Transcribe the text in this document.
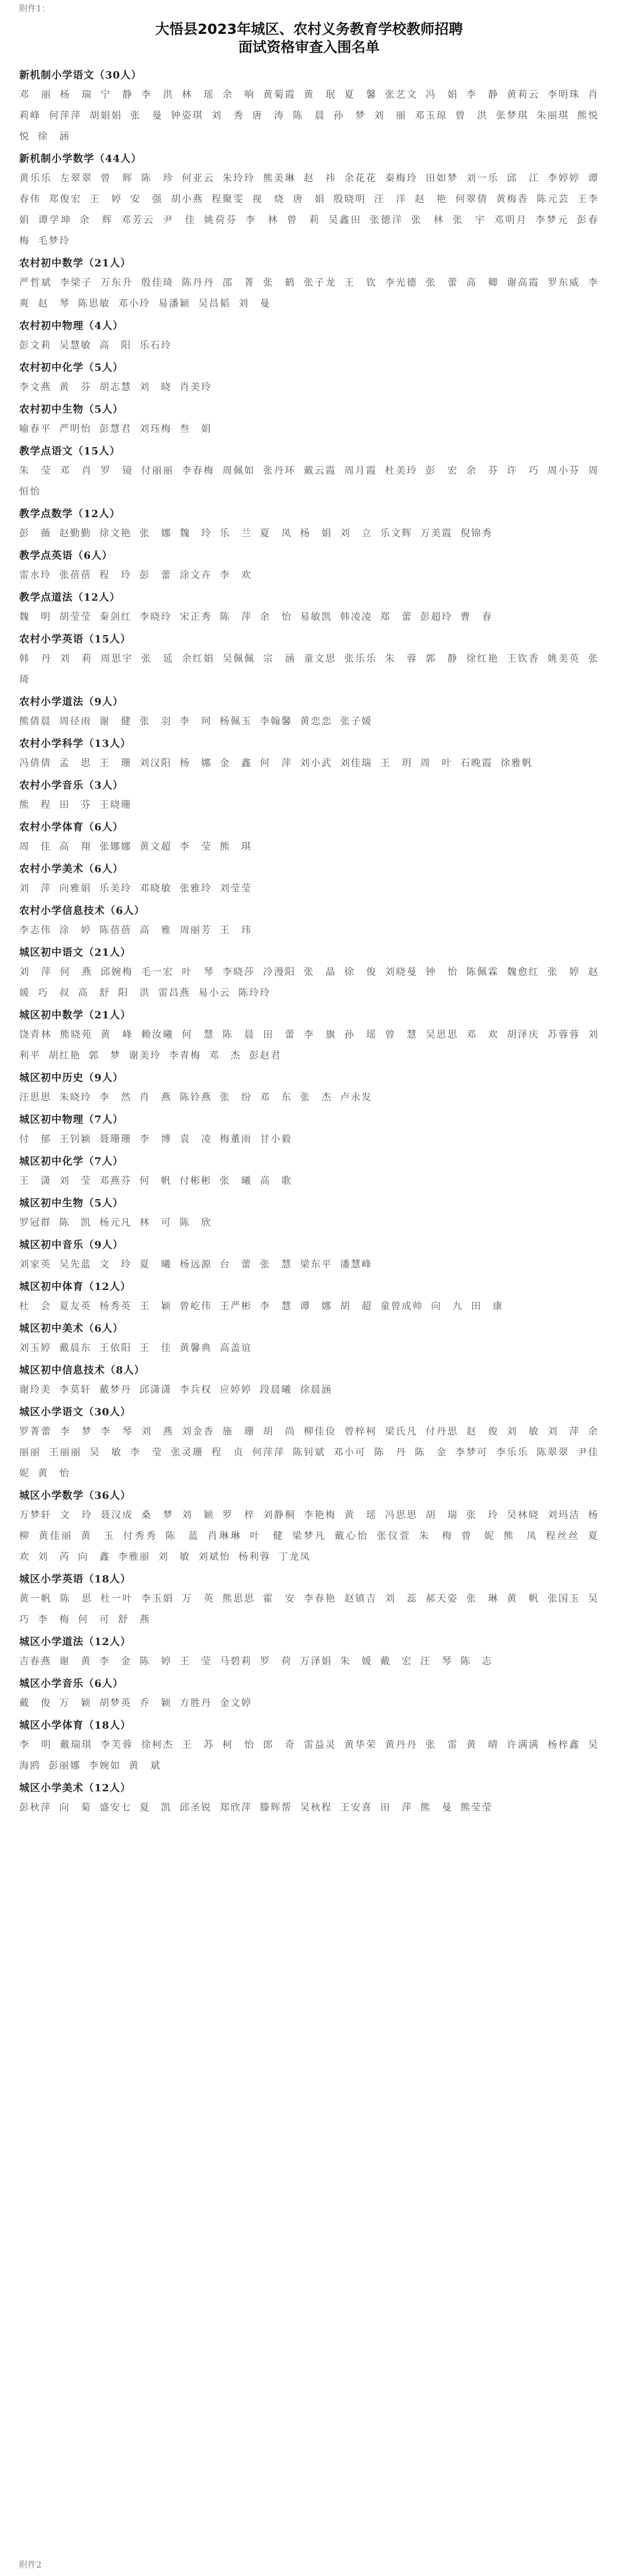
附件1：
大悟县2023年城区、农村义务教育学校教师招聘
面试资格审查入围名单
新机制小学语文（30人）
邓　丽 杨　瑞 宁　静 李　洪 林　瑶 余　响 黄菊霞 黄　珉 夏　馨 张艺文 冯　娟 李　静 黄莉云 李明珠 肖莉峰 何萍萍 胡娟娟 张　曼 钟姿琪 刘　秀 唐　涛 陈　晨 孙　梦 刘　丽 邓玉琼 曾　洪 张梦琪 朱丽琪 熊悦悦 徐　涵
新机制小学数学（44人）
黄乐乐 左翠翠 曾　辉 陈　珍 何亚云 朱玲玲 熊美琳 赵　祎 余花花 秦梅玲 田如梦 刘一乐 邱　江 李婷婷 谭春伟 郑俊宏 王　婷 安　强 胡小燕 程聚雯 视　烧 唐　娟 殷晓明 汪　洋 赵　艳 何翠倩 黄梅香 陈元芸 王李娟 谭学坤 余　辉 邓芳云 尹　佳 姚荷芬 李　林 曾　莉 吴鑫田 张德洋 张　林 张　宇 邓明月 李梦元 彭春梅 毛梦玲
农村初中数学（21人）
严哲斌 李梁子 万东升 殷佳琦 陈丹丹 邵　菁 张　鹤 张子龙 王　钦 李光德 张　蕾 高　卿 谢高霞 罗东威 李　爽 赵　琴 陈思敏 邓小玲 易潘颖 吴昌韬 刘　曼
农村初中物理（4人）
彭文莉 吴慧敏 高　阳 乐石玲
农村初中化学（5人）
李文燕 黄　芬 胡志慧 刘　晓 肖美玲
农村初中生物（5人）
喻春平 严明怡 彭慧君 刘珏梅 叁　娟
教学点语文（15人）
朱　莹 邓　肖 罗　镜 付丽丽 李春梅 周佩如 张丹环 戴云霞 周月霞 杜美玲 彭　宏 余　芬 许　巧 周小芬 周恒怡
教学点数学（12人）
彭　薇 赵勤勤 徐文艳 张　娜 魏　玲 乐　兰 夏　凤 杨　娟 刘　立 乐文辉 万美霞 倪锦秀
教学点英语（6人）
雷水玲 张蓓蓓 程　玲 彭　蕾 涂文卉 李　欢
教学点道法（12人）
魏　明 胡莹莹 秦剑红 李晓玲 宋正秀 陈　萍 余　怡 易敏凯 韩凌凌 郑　蕾 彭超玲 曹　春
农村小学英语（15人）
韩　丹 刘　莉 周思宇 张　延 余红娟 吴佩佩 宗　涵 童文思 张乐乐 朱　蓉 郭　静 徐红艳 王钦香 姚美英 张　琦
农村小学道法（9人）
熊倩晨 周径雨 谢　健 张　羽 李　珂 杨佩玉 李翰馨 黄恋恋 张子媛
农村小学科学（13人）
冯倩倩 孟　思 王　珊 刘汉阳 杨　娜 金　鑫 何　萍 刘小武 刘佳瑞 王　玥 周　叶 石晚霞 徐雅帆
农村小学音乐（3人）
熊　程 田　芬 王晓珊
农村小学体育（6人）
周　佳 高　翔 张娜娜 黄文超 李　莹 熊　琪
农村小学美术（6人）
刘　萍 向雅娟 乐美玲 邓晓敏 张雅玲 刘莹莹
农村小学信息技术（6人）
李志伟 涂　婷 陈蓓蓓 高　雅 周丽芳 王　玮
城区初中语文（21人）
刘　萍 何　燕 邱婉梅 毛一宏 叶　琴 李晓莎 冷漫阳 张　晶 徐　俊 刘晓曼 钟　怡 陈佩霖 魏愈红 张　婷 赵　媛 巧　叔 高　舒 阳　洪 雷昌燕 易小云 陈玲玲
城区初中数学（21人）
饶青林 熊晓苑 黄　峰 赖汝曦 何　慧 陈　晨 田　蕾 李　旗 孙　瑶 曾　慧 吴思思 邓　欢 胡泽庆 苏蓉蓉 刘利平 胡红艳 郭　梦 谢美玲 李青梅 邓　杰 彭赵君
城区初中历史（9人）
汪思思 朱晓玲 李　然 肖　燕 陈铃燕 张　纷 邓　东 张　杰 卢永发
城区初中物理（7人）
付　郁 王钊颖 聂珊珊 李　博 袁　凌 梅董雨 甘小毅
城区初中化学（7人）
王　潇 刘　莹 邓燕芬 何　帆 付彬彬 张　曦 高　歌
城区初中生物（5人）
罗冠群 陈　凯 杨元凡 林　可 陈　欣
城区初中音乐（9人）
刘家英 吴先蓝 文　玲 夏　曦 杨远源 台　蕾 张　慧 梁东平 潘慧峰
城区初中体育（12人）
杜　会 夏友英 杨秀英 王　颖 曾屹伟 王严彬 李　慧 谭　娜 胡　超 童曾成帅 向　九 田　康
城区初中美术（6人）
刘玉婷 戴晨东 王依阳 王　佳 黄馨典 高盖谊
城区初中信息技术（8人）
谢玲美 李莫轩 戴梦丹 邱潇潇 李兵权 应婷婷 段晨曦 徐晨涵
城区小学语文（30人）
罗菁蕾 李　梦 李　琴 刘　燕 刘金香 施　珊 胡　尚 柳佳俭 曾梓柯 梁氏凡 付丹思 赵　俊 刘　敏 刘　萍 余丽丽 王丽丽 吴　敏 李　莹 张灵珊 程　贞 何萍萍 陈钊斌 邓小可 陈　丹 陈　金 李梦可 李乐乐 陈翠翠 尹佳妮 黄　怡
城区小学数学（36人）
万梦轩 文　玲 聂汉成 桑　梦 刘　颖 罗　梓 刘静桐 李艳梅 黄　瑶 冯思思 胡　瑞 张　玲 吴林晓 刘玛洁 杨　柳 黄佳丽 黄　玉 付秀秀 陈　蓝 肖琳琳 叶　健 梁梦凡 戴心怡 张仪萱 朱　梅 曾　妮 熊　凤 程丝丝 夏　欢 刘　芮 向　鑫 李雅丽 刘　敏 刘斌怡 杨利蓉 丁龙凤
城区小学英语（18人）
黄一帆 陈　思 杜一叶 李玉娟 万　英 熊思思 霍　安 李春艳 赵镇吉 刘　蕊 郝天姿 张　琳 黄　帆 张国玉 吴　巧 李　梅 何　可 舒　燕
城区小学道法（12人）
吉春燕 谢　黄 李　金 陈　婷 王　莹 马碧莉 罗　荷 万泽娟 朱　媛 戴　宏 汪　琴 陈　志
城区小学音乐（6人）
戴　俊 万　颖 胡梦英 乔　颖 方胜丹 金文婷
城区小学体育（18人）
李　明 戴瑞琪 李芙蓉 徐柯杰 王　苏 柯　怡 郎　奇 雷益灵 黄华荣 黄丹丹 张　雷 黄　晴 许满满 杨梓鑫 吴海鸥 彭丽娜 李婉如 黄　斌
城区小学美术（12人）
彭秋萍 向　菊 盛安七 夏　凯 邱圣锐 郑欣萍 滕辉帮 吴秋程 王安喜 田　萍 熊　曼 熊莹莹
附件2
